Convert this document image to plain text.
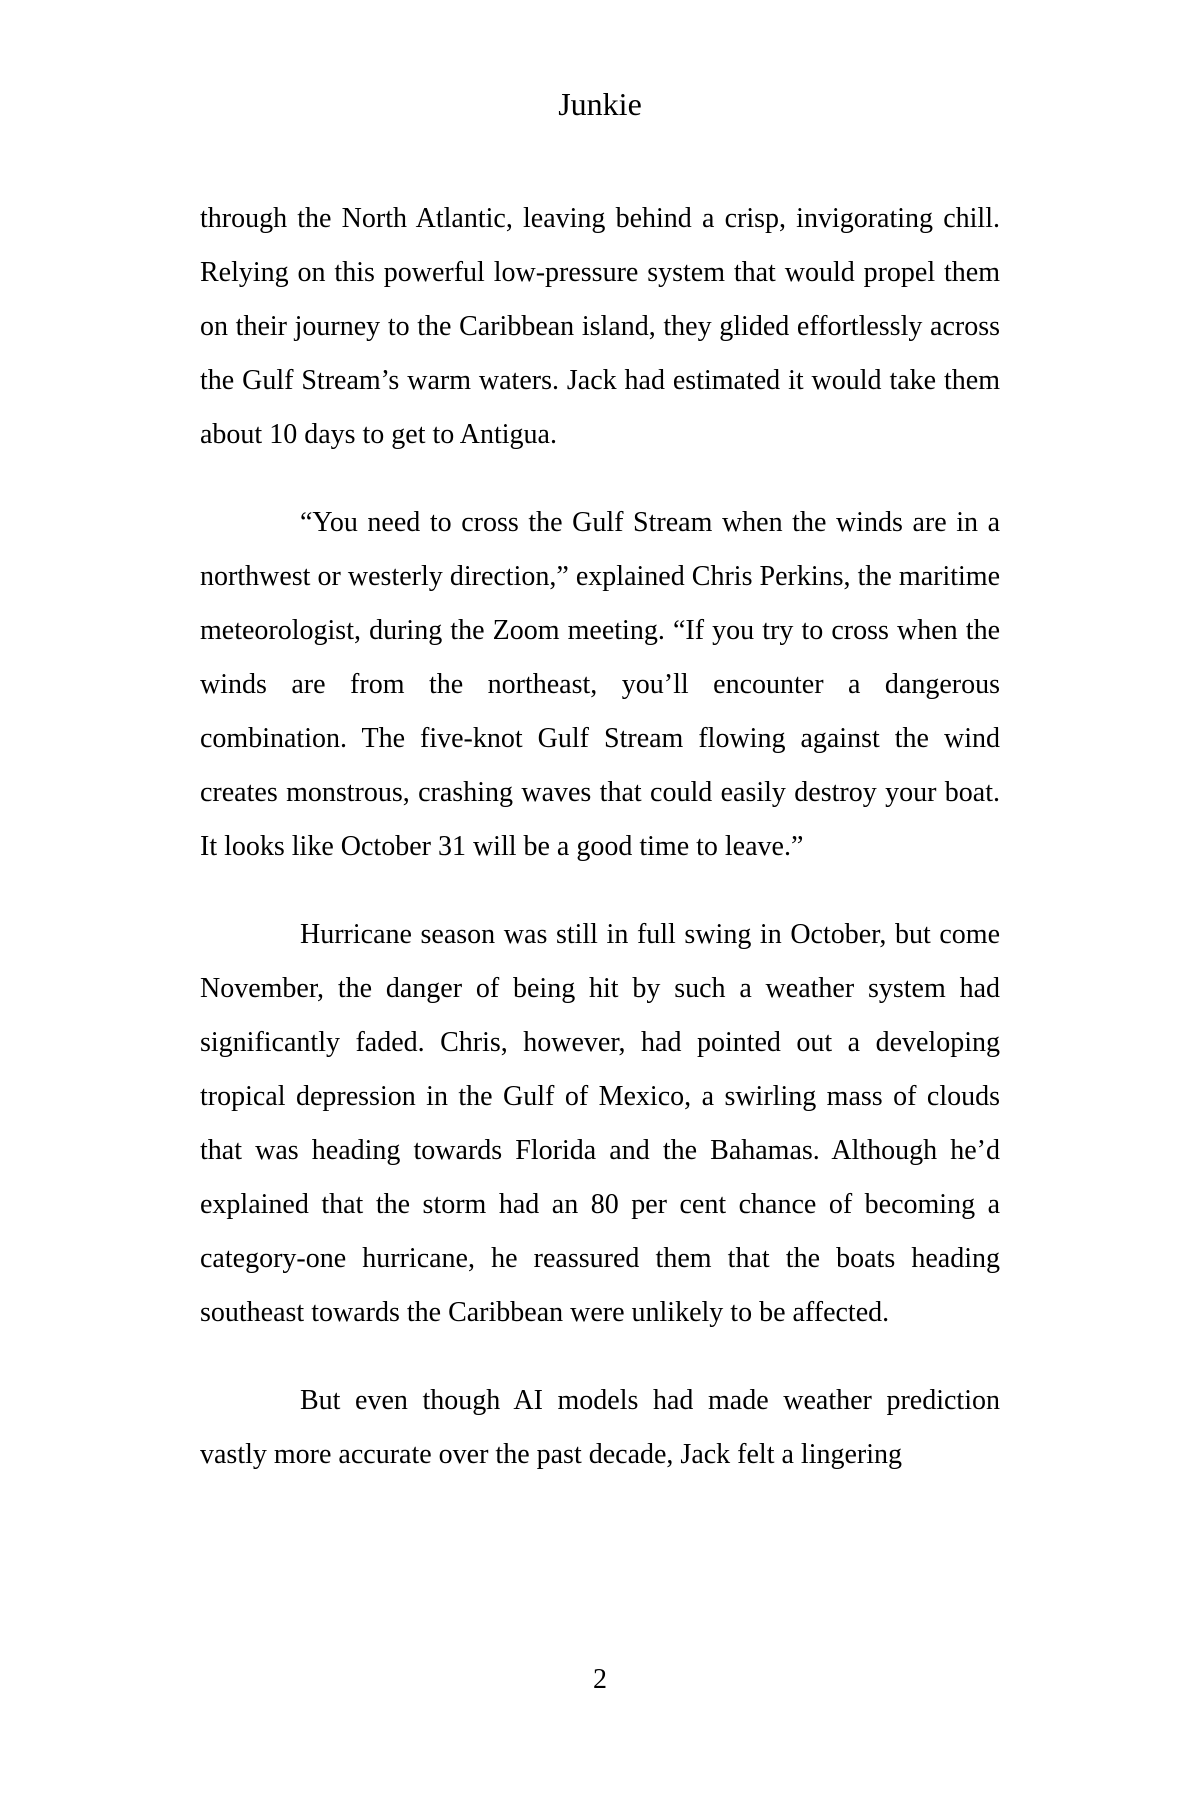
Junkie

through the North Atlantic, leaving behind a crisp, invigorating chill. Relying on this powerful low-pressure system that would propel them on their journey to the Caribbean island, they glided effortlessly across the Gulf Stream’s warm waters. Jack had estimated it would take them about 10 days to get to Antigua.

“You need to cross the Gulf Stream when the winds are in a northwest or westerly direction,” explained Chris Perkins, the maritime meteorologist, during the Zoom meeting. “If you try to cross when the winds are from the northeast, you’ll encounter a dangerous combination. The five-knot Gulf Stream flowing against the wind creates monstrous, crashing waves that could easily destroy your boat. It looks like October 31 will be a good time to leave.”

Hurricane season was still in full swing in October, but come November, the danger of being hit by such a weather system had significantly faded. Chris, however, had pointed out a developing tropical depression in the Gulf of Mexico, a swirling mass of clouds that was heading towards Florida and the Bahamas. Although he’d explained that the storm had an 80 per cent chance of becoming a category-one hurricane, he reassured them that the boats heading southeast towards the Caribbean were unlikely to be affected.

But even though AI models had made weather prediction vastly more accurate over the past decade, Jack felt a lingering

2
